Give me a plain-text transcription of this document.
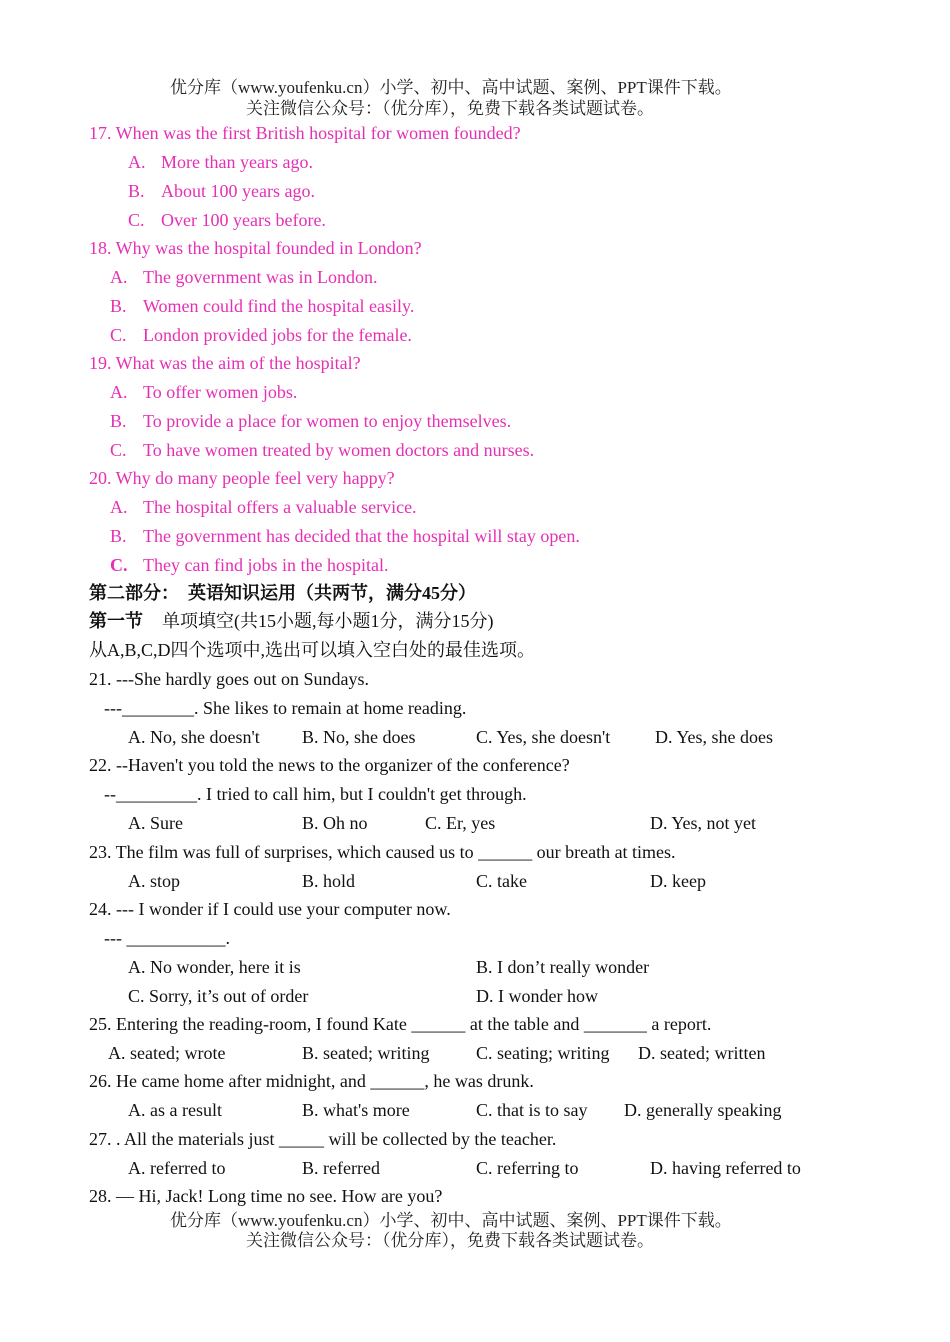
优分库（www.youfenku.cn）小学、初中、高中试题、案例、PPT课件下载。
关注微信公众号：（优分库），免费下载各类试题试卷。
17. When was the first British hospital for women founded?
A. More than years ago.
B. About 100 years ago.
C. Over 100 years before.
18. Why was the hospital founded in London?
A. The government was in London.
B. Women could find the hospital easily.
C. London provided jobs for the female.
19. What was the aim of the hospital?
A. To offer women jobs.
B. To provide a place for women to enjoy themselves.
C. To have women treated by women doctors and nurses.
20. Why do many people feel very happy?
A. The hospital offers a valuable service.
B. The government has decided that the hospital will stay open.
C. They can find jobs in the hospital.
第二部分：  英语知识运用（共两节，满分45分）
第一节 单项填空(共15小题,每小题1分，满分15分)
从A,B,C,D四个选项中,选出可以填入空白处的最佳选项。
21. ---She hardly goes out on Sundays.
---________. She likes to remain at home reading.
A. No, she doesn't B. No, she does	C. Yes, she doesn't D. Yes, she does
22. --Haven't you told the news to the organizer of the conference?
--_________. I tried to call him, but I couldn't get through.
A. Sure	B. Oh no	C. Er, yes	D. Yes, not yet
23. The film was full of surprises, which caused us to ______ our breath at times.
A. stop	B. hold	C. take	D. keep
24. --- I wonder if I could use your computer now.
--- ___________.
A. No wonder, here it is	B. I don’t really wonder
C. Sorry, it’s out of order	D. I wonder how
25. Entering the reading-room, I found Kate ______ at the table and _______ a report.
A. seated; wrote	B. seated; writing	C. seating; writing D. seated; written
26. He came home after midnight, and ______, he was drunk.
A. as a result	B. what's more	C. that is to say D. generally speaking
27. . All the materials just _____ will be collected by the teacher.
A. referred to	B. referred	C. referring to	D. having referred to
28. — Hi, Jack! Long time no see. How are you?
优分库（www.youfenku.cn）小学、初中、高中试题、案例、PPT课件下载。
关注微信公众号：（优分库），免费下载各类试题试卷。
